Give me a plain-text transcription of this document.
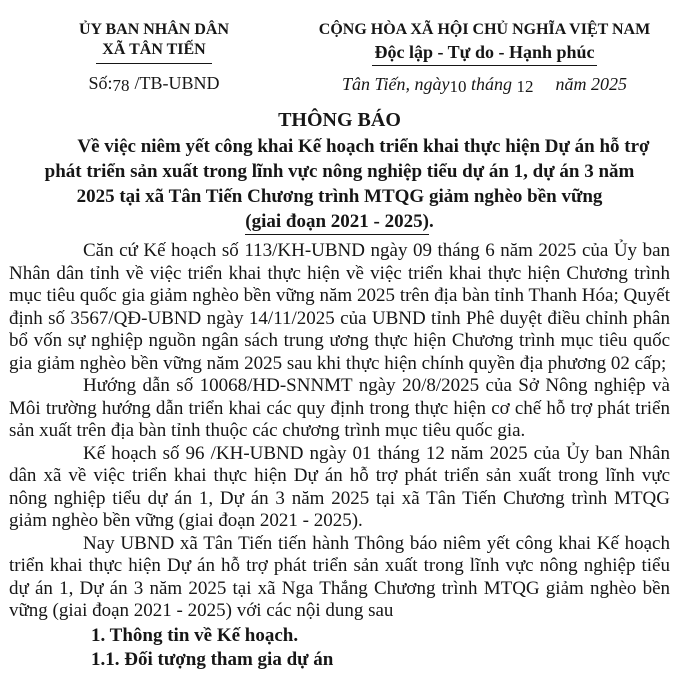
ỦY BAN NHÂN DÂN
XÃ TÂN TIẾN
Số:78 /TB-UBND
CỘNG HÒA XÃ HỘI CHỦ NGHĨA VIỆT NAM
Độc lập - Tự do - Hạnh phúc
Tân Tiến, ngày10 tháng 12 năm 2025
THÔNG BÁO
Về việc niêm yết công khai Kế hoạch triển khai thực hiện Dự án hỗ trợ
phát triển sản xuất trong lĩnh vực nông nghiệp tiểu dự án 1, dự án 3 năm
2025 tại xã Tân Tiến Chương trình MTQG giảm nghèo bền vững
(giai đoạn 2021 - 2025).

Căn cứ Kế hoạch số 113/KH-UBND ngày 09 tháng 6 năm 2025 của Ủy ban Nhân dân tỉnh về việc triển khai thực hiện về việc triển khai thực hiện Chương trình mục tiêu quốc gia giảm nghèo bền vững năm 2025 trên địa bàn tỉnh Thanh Hóa; Quyết định số 3567/QĐ-UBND ngày 14/11/2025 của UBND tỉnh Phê duyệt điều chỉnh phân bổ vốn sự nghiệp nguồn ngân sách trung ương thực hiện Chương trình mục tiêu quốc gia giảm nghèo bền vững năm 2025 sau khi thực hiện chính quyền địa phương 02 cấp;

Hướng dẫn số 10068/HD-SNNMT ngày 20/8/2025 của Sở Nông nghiệp và Môi trường hướng dẫn triển khai các quy định trong thực hiện cơ chế hỗ trợ phát triển sản xuất trên địa bàn tỉnh thuộc các chương trình mục tiêu quốc gia.

Kế hoạch số 96 /KH-UBND ngày 01 tháng 12 năm 2025 của Ủy ban Nhân dân xã về việc triển khai thực hiện Dự án hỗ trợ phát triển sản xuất trong lĩnh vực nông nghiệp tiểu dự án 1, Dự án 3 năm 2025 tại xã Tân Tiến Chương trình MTQG giảm nghèo bền vững (giai đoạn 2021 - 2025).

Nay UBND xã Tân Tiến tiến hành Thông báo niêm yết công khai Kế hoạch triển khai thực hiện Dự án hỗ trợ phát triển sản xuất trong lĩnh vực nông nghiệp tiểu dự án 1, Dự án 3 năm 2025 tại xã Nga Thắng Chương trình MTQG giảm nghèo bền vững (giai đoạn 2021 - 2025) với các nội dung sau

1. Thông tin về Kế hoạch.
1.1. Đối tượng tham gia dự án
